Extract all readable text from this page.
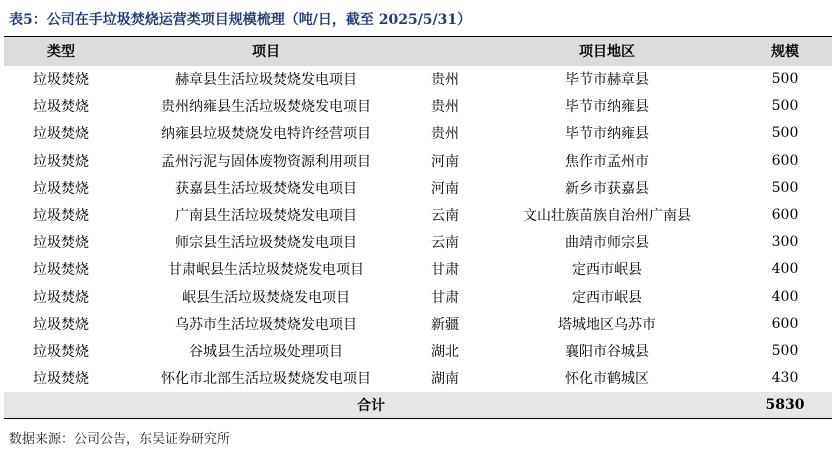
表5：公司在手垃圾焚烧运营类项目规模梳理（吨/日，截至 2025/5/31）
类型	项目		项目地区	规模
垃圾焚烧	赫章县生活垃圾焚烧发电项目	贵州	毕节市赫章县	500
垃圾焚烧	贵州纳雍县生活垃圾焚烧发电项目	贵州	毕节市纳雍县	500
垃圾焚烧	纳雍县垃圾焚烧发电特许经营项目	贵州	毕节市纳雍县	500
垃圾焚烧	孟州污泥与固体废物资源利用项目	河南	焦作市孟州市	600
垃圾焚烧	获嘉县生活垃圾焚烧发电项目	河南	新乡市获嘉县	500
垃圾焚烧	广南县生活垃圾焚烧发电项目	云南	文山壮族苗族自治州广南县	600
垃圾焚烧	师宗县生活垃圾焚烧发电项目	云南	曲靖市师宗县	300
垃圾焚烧	甘肃岷县生活垃圾焚烧发电项目	甘肃	定西市岷县	400
垃圾焚烧	岷县生活垃圾焚烧发电项目	甘肃	定西市岷县	400
垃圾焚烧	乌苏市生活垃圾焚烧发电项目	新疆	塔城地区乌苏市	600
垃圾焚烧	谷城县生活垃圾处理项目	湖北	襄阳市谷城县	500
垃圾焚烧	怀化市北部生活垃圾焚烧发电项目	湖南	怀化市鹤城区	430
合计				5830
数据来源：公司公告，东吴证券研究所
